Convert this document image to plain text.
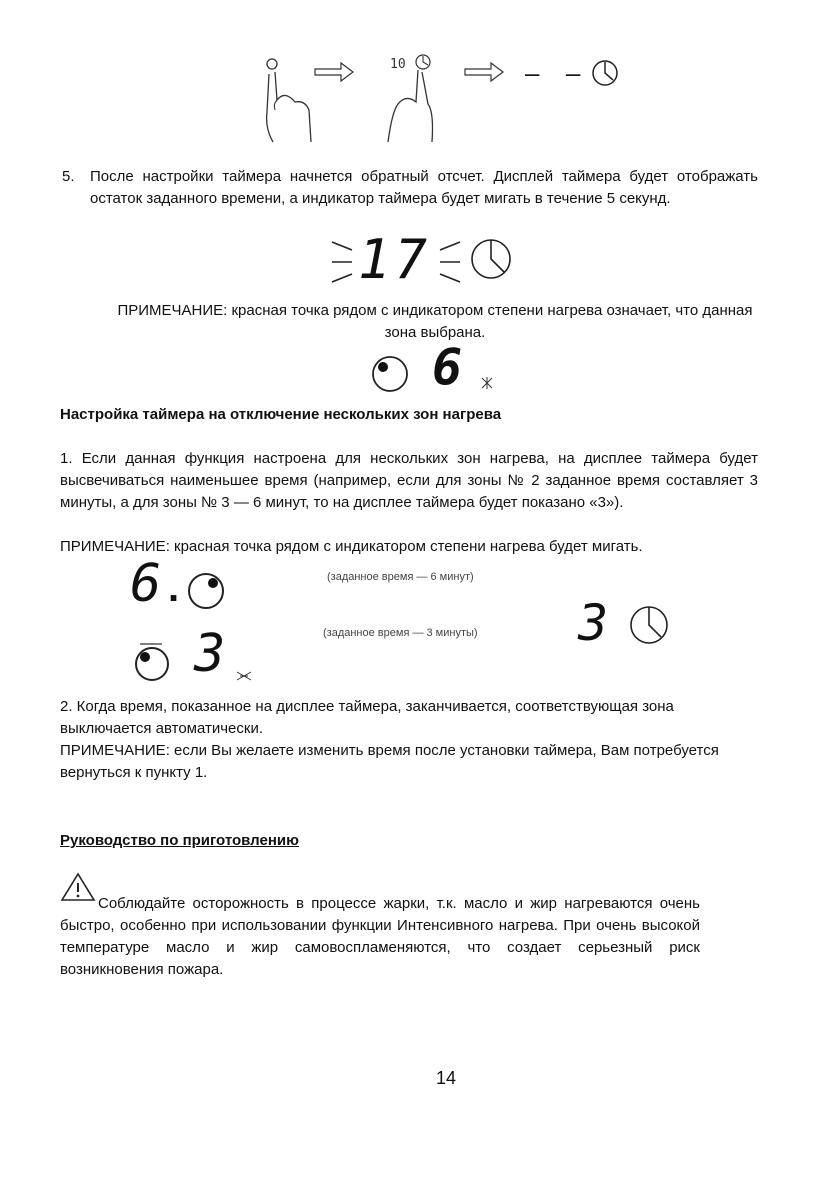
10	– –
5. После настройки таймера начнется обратный отсчет. Дисплей таймера будет отображать остаток заданного времени, а индикатор таймера будет мигать в течение 5 секунд.
17
ПРИМЕЧАНИЕ: красная точка рядом с индикатором степени нагрева означает, что данная зона выбрана.
6
Настройка таймера на отключение нескольких зон нагрева
1. Если данная функция настроена для нескольких зон нагрева, на дисплее таймера будет высвечиваться наименьшее время (например, если для зоны № 2 заданное время составляет 3 минуты, а для зоны № 3 — 6 минут, то на дисплее таймера будет показано «3»).
ПРИМЕЧАНИЕ: красная точка рядом с индикатором степени нагрева будет мигать.
6 .	(заданное время — 6 минут)
3	(заданное время — 3 минуты) 3
2. Когда время, показанное на дисплее таймера, заканчивается, соответствующая зона выключается автоматически.
ПРИМЕЧАНИЕ: если Вы желаете изменить время после установки таймера, Вам потребуется вернуться к пункту 1.
Руководство по приготовлению
Соблюдайте осторожность в процессе жарки, т.к. масло и жир нагреваются очень быстро, особенно при использовании функции Интенсивного нагрева. При очень высокой температуре масло и жир самовоспламеняются, что создает серьезный риск возникновения пожара.
14
